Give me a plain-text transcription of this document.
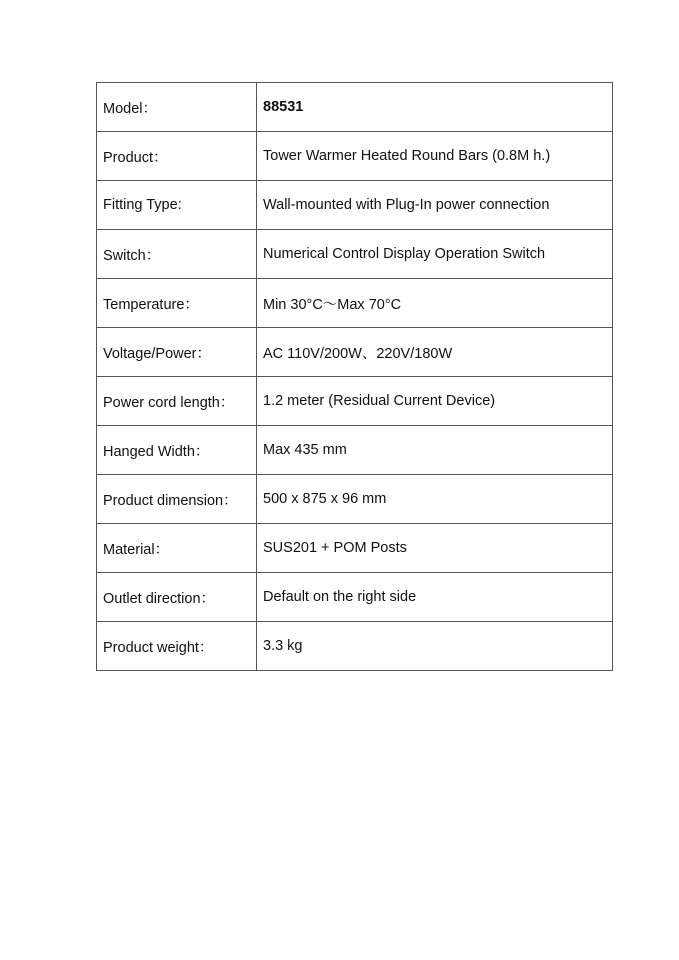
Model：	88531
Product：	Tower Warmer Heated Round Bars (0.8M h.)
Fitting Type:	Wall-mounted with Plug-In power connection
Switch：	Numerical Control Display Operation Switch
Temperature：	Min 30°C～Max 70°C
Voltage/Power：	AC 110V/200W、220V/180W
Power cord length：	1.2 meter (Residual Current Device)
Hanged Width：	Max 435 mm
Product dimension：	500 x 875 x 96 mm
Material：	SUS201 + POM Posts
Outlet direction：	Default on the right side
Product weight：	3.3 kg
